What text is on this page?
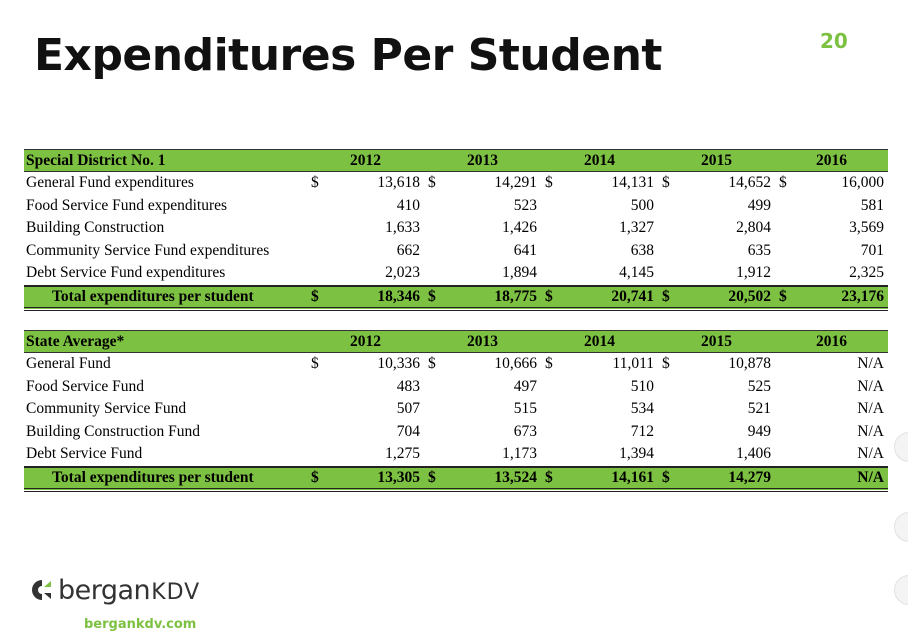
Expenditures Per Student	20
Special District No. 1	2012		2013		2014		2015		2016	
General Fund expenditures	$	13,618	$	14,291	$	14,131	$	14,652	$	16,000
Food Service Fund expenditures		410		523		500		499		581
Building Construction		1,633		1,426		1,327		2,804		3,569
Community Service Fund expenditures		662		641		638		635		701
Debt Service Fund expenditures		2,023		1,894		4,145		1,912		2,325
Total expenditures per student	$	18,346	$	18,775	$	20,741	$	20,502	$	23,176
State Average*	2012		2013		2014		2015		2016	
General Fund	$	10,336	$	10,666	$	11,011	$	10,878		N/A
Food Service Fund		483		497		510		525		N/A
Community Service Fund		507		515		534		521		N/A
Building Construction Fund		704		673		712		949		N/A
Debt Service Fund		1,275		1,173		1,394		1,406		N/A
Total expenditures per student	$	13,305	$	13,524	$	14,161	$	14,279		N/A
bergan KDV
bergankdv.com
